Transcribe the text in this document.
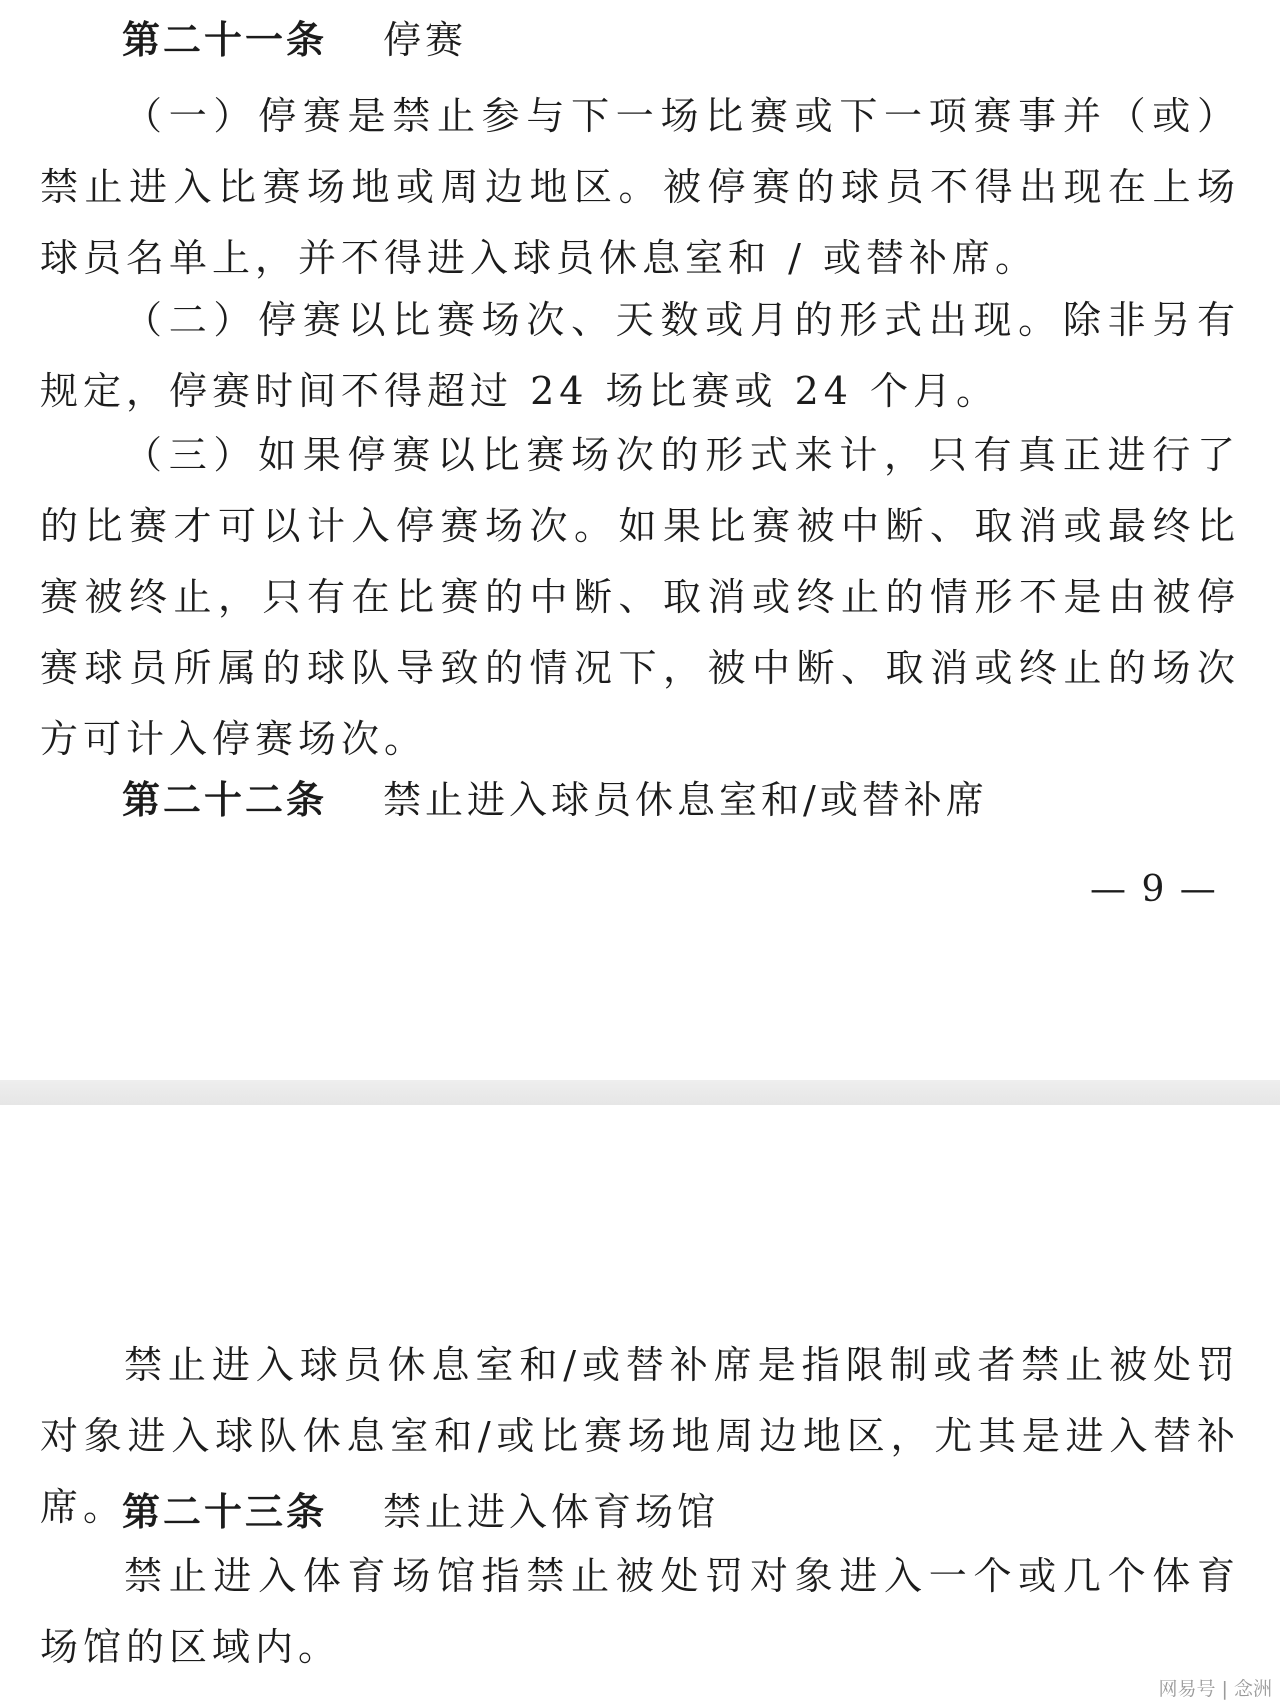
第二十一条 停赛

（一）停赛是禁止参与下一场比赛或下一项赛事并（或）禁止进入比赛场地或周边地区。被停赛的球员不得出现在上场球员名单上，并不得进入球员休息室和 / 或替补席。

（二）停赛以比赛场次、天数或月的形式出现。除非另有规定，停赛时间不得超过 24 场比赛或 24 个月。

（三）如果停赛以比赛场次的形式来计，只有真正进行了的比赛才可以计入停赛场次。如果比赛被中断、取消或最终比赛被终止，只有在比赛的中断、取消或终止的情形不是由被停赛球员所属的球队导致的情况下，被中断、取消或终止的场次方可计入停赛场次。

第二十二条 禁止进入球员休息室和/或替补席
— 9 —

禁止进入球员休息室和/或替补席是指限制或者禁止被处罚对象进入球队休息室和/或比赛场地周边地区，尤其是进入替补席。

第二十三条 禁止进入体育场馆

禁止进入体育场馆指禁止被处罚对象进入一个或几个体育场馆的区域内。

网易号 | 念洲
